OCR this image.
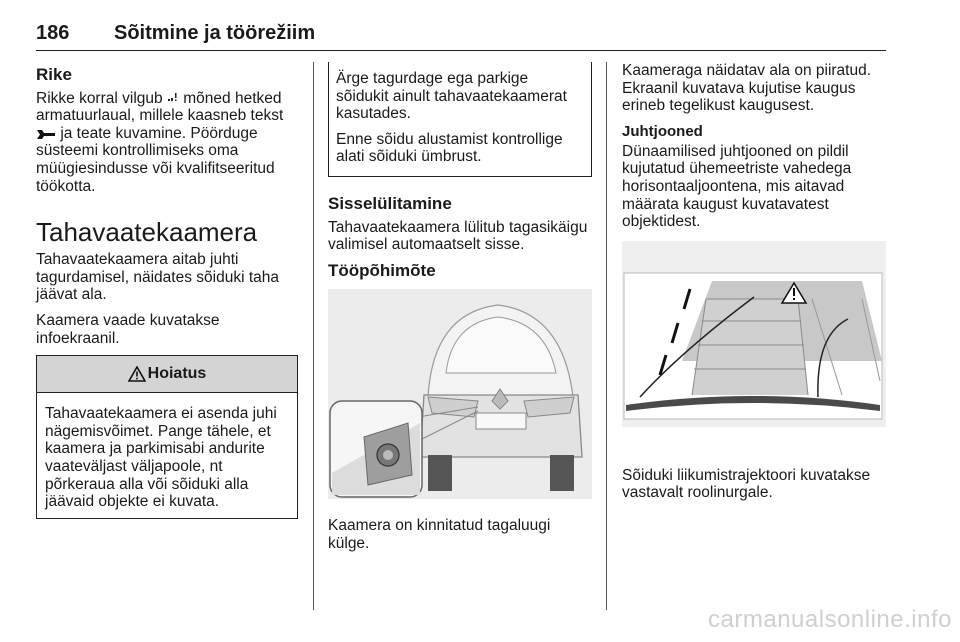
186 Sõitmine ja töörežiim
Rike

Rikke korral vilgub mõned hetked armatuurlaual, millele kaasneb tekst
ja teate kuvamine. Pöörduge süsteemi kontrollimiseks oma müügiesindusse või kvalifitseeritud töökotta.

Tahavaatekaamera

Tahavaatekaamera aitab juhti tagurdamisel, näidates sõiduki taha jäävat ala.

Kaamera vaade kuvatakse infoekraanil.

Hoiatus
Tahavaatekaamera ei asenda juhi nägemisvõimet. Pange tähele, et kaamera ja parkimisabi andurite vaateväljast väljapoole, nt põrkeraua alla või sõiduki alla jäävaid objekte ei kuvata.

Ärge tagurdage ega parkige sõidukit ainult tahavaatekaamerat kasutades.

Enne sõidu alustamist kontrollige alati sõiduki ümbrust.

Sisselülitamine

Tahavaatekaamera lülitub tagasikäigu valimisel automaatselt sisse.

Tööpõhimõte

Kaamera on kinnitatud tagaluugi külge.

Kaameraga näidatav ala on piiratud. Ekraanil kuvatava kujutise kaugus erineb tegelikust kaugusest.

Juhtjooned

Dünaamilised juhtjooned on pildil kujutatud ühemeetriste vahedega horisontaaljoontena, mis aitavad määrata kaugust kuvatavatest objektidest.

Sõiduki liikumistrajektoori kuvatakse vastavalt roolinurgale.

carmanualsonline.info
